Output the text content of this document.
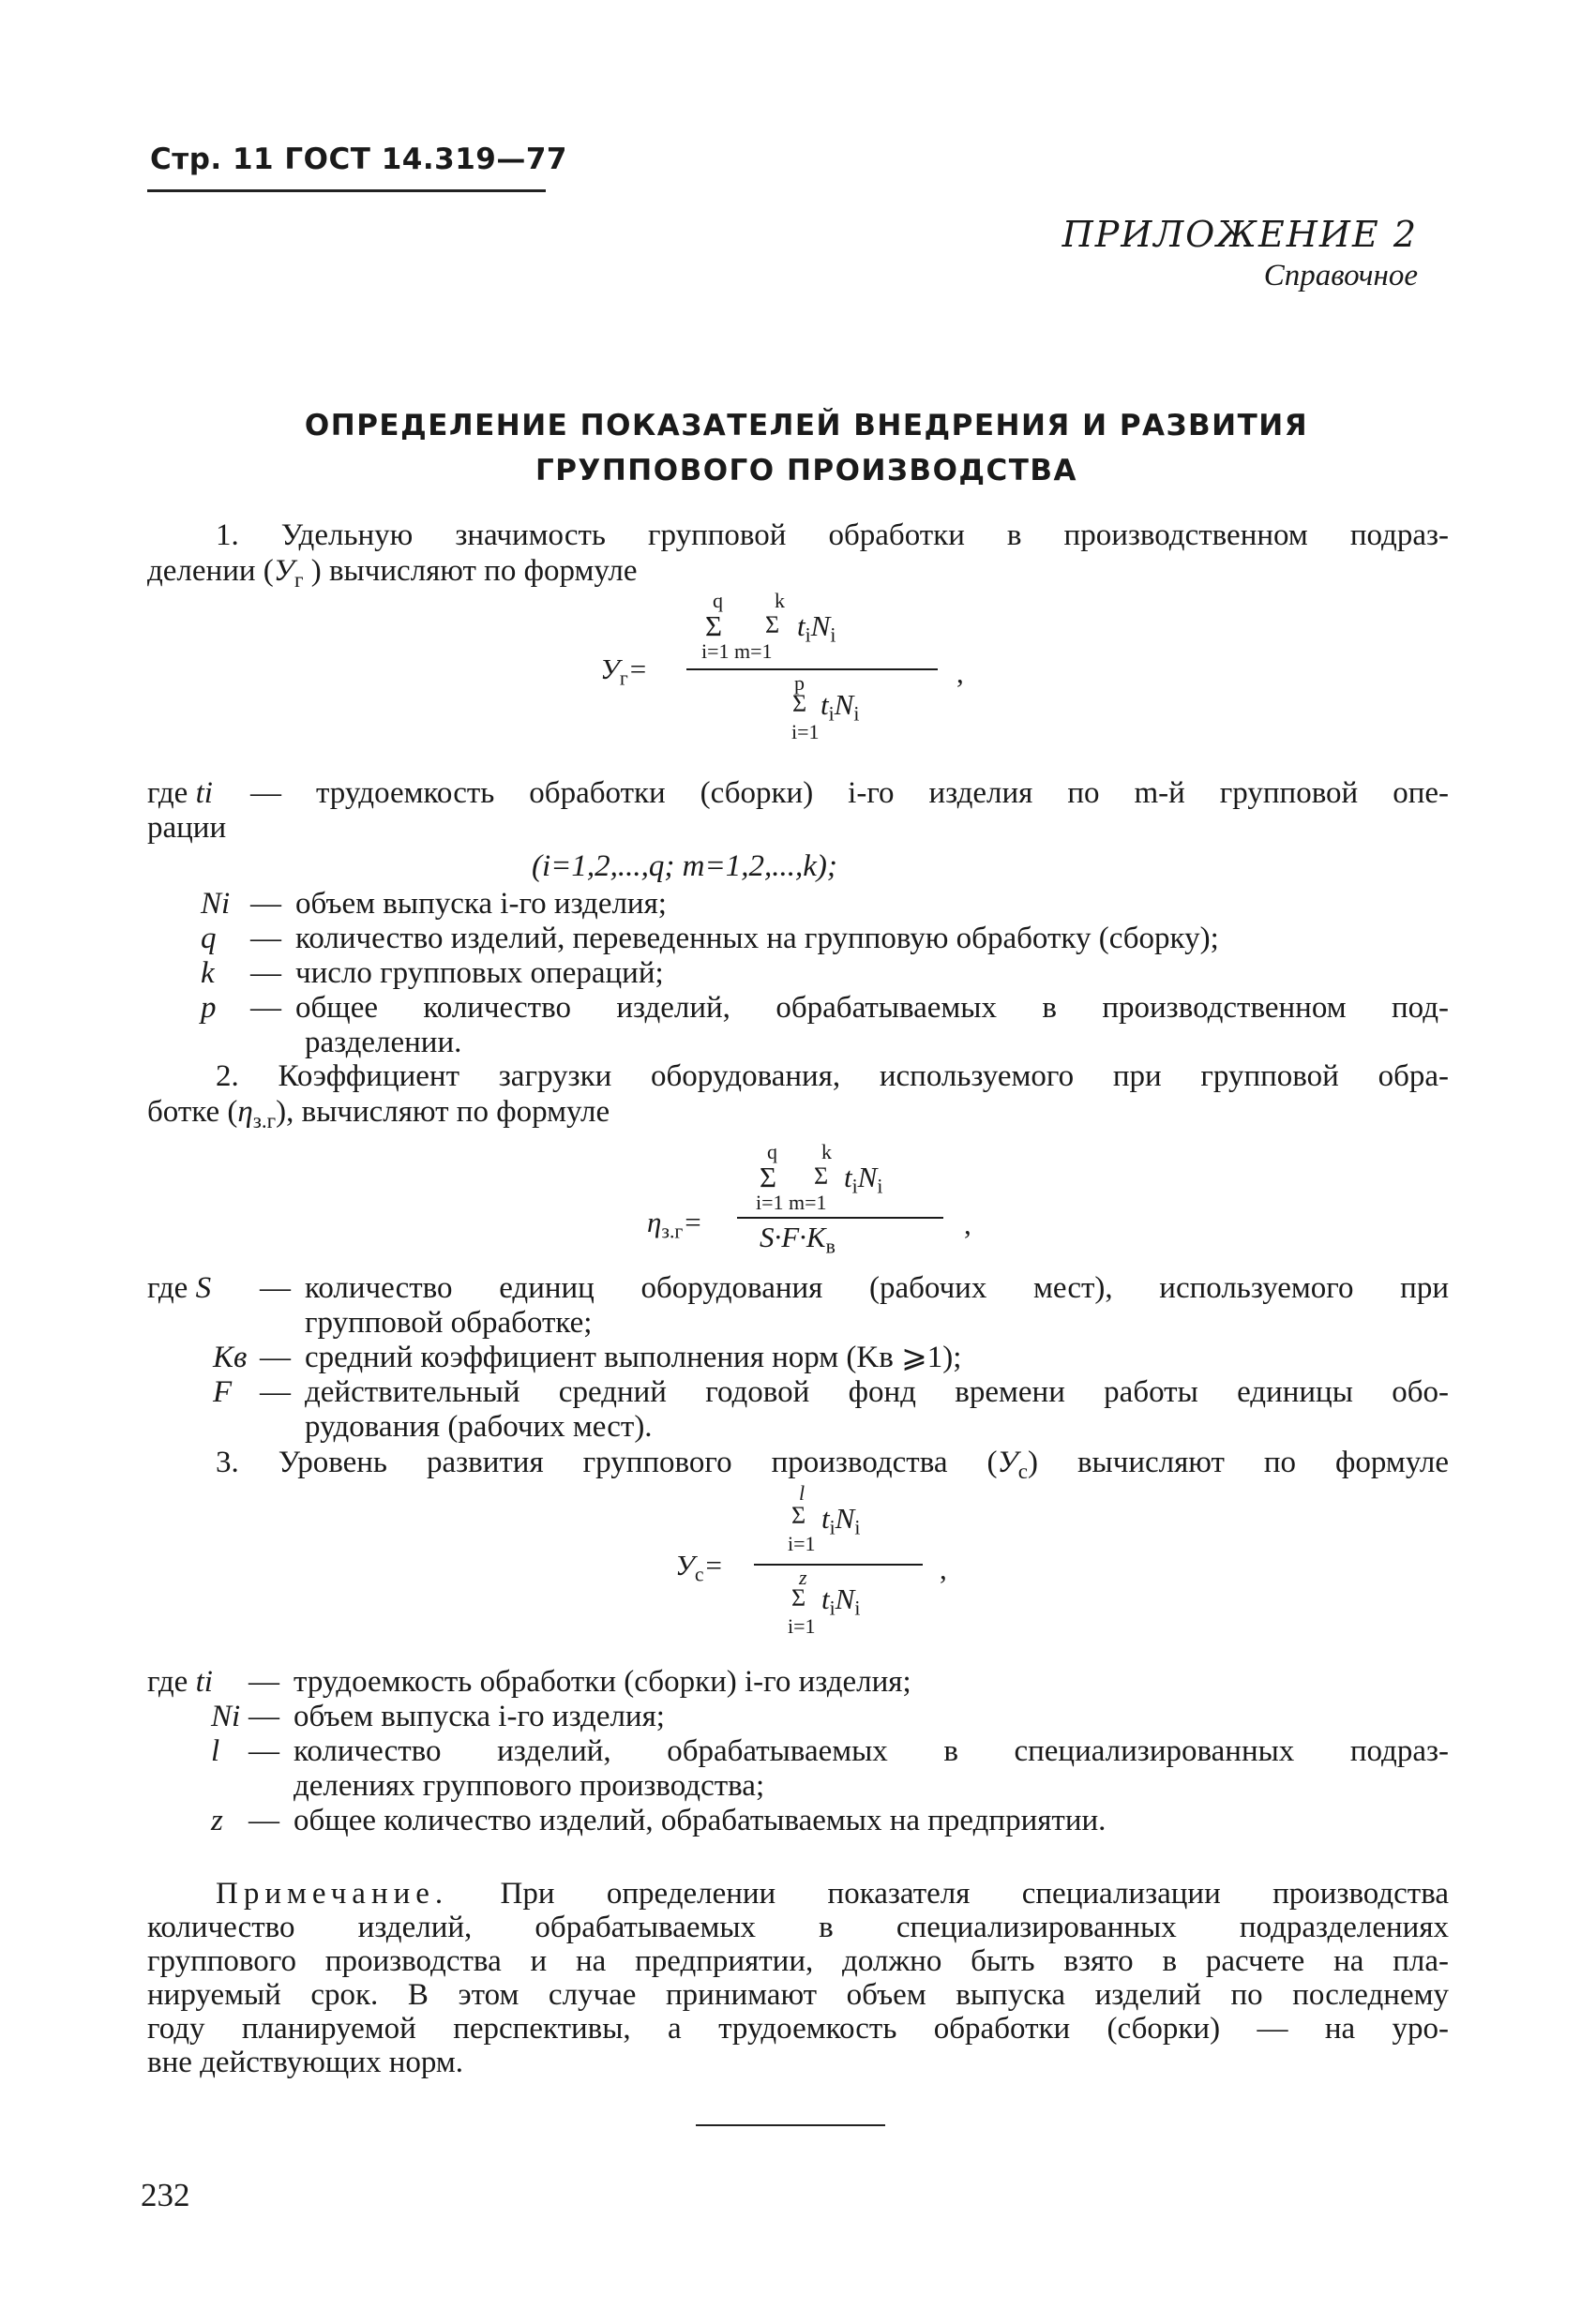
Стр. 11 ГОСТ 14.319—77
ПРИЛОЖЕНИЕ 2
Справочное
ОПРЕДЕЛЕНИЕ ПОКАЗАТЕЛЕЙ ВНЕДРЕНИЯ И РАЗВИТИЯ ГРУППОВОГО ПРОИЗВОДСТВА
1. Удельную значимость групповой обработки в производственном подраз-
делении ($У_г$ ) вычисляют по формуле
q	k
Σ Σ $t_iN_i$
i=1 m=1
$У_г=$	,
p
Σ $t_iN_i$
i=1
где ti	— трудоемкость обработки (сборки) i-го изделия по m-й групповой опе-
рации
(i=1,2,...,q; m=1,2,...,k);
Ni — объем выпуска i-го изделия;
q	— количество изделий, переведенных на групповую обработку (сборку);
k	— число групповых операций;
p	— общее количество изделий, обрабатываемых в производственном под-
разделении.
2. Коэффициент загрузки оборудования, используемого при групповой обра-
ботке $(\eta_{з.г})$, вычисляют по формуле
q k
Σ Σ $t_iN_i$
i=1 m=1
$\eta_{з.г}=$	,
$S\cdot F\cdot K_в$
где S	— количество единиц оборудования (рабочих мест), используемого при
групповой обработке;
Kв — средний коэффициент выполнения норм (Kв ⩾1);
F — действительный средний годовой фонд времени работы единицы обо-
рудования (рабочих мест).
3. Уровень развития группового производства $(У_с)$ вычисляют по формуле
l
Σ $t_iN_i$
i=1
$У_с=$	,
z
Σ $t_iN_i$
i=1
где ti	— трудоемкость обработки (сборки) i-го изделия;
Ni — объем выпуска i-го изделия;
l — количество изделий, обрабатываемых в специализированных подраз-
делениях группового производства;
z — общее количество изделий, обрабатываемых на предприятии.
Примечание. При определении показателя специализации производства
количество изделий, обрабатываемых в специализированных подразделениях
группового производства и на предприятии, должно быть взято в расчете на пла-
нируемый срок. В этом случае принимают объем выпуска изделий по последнему
году планируемой перспективы, а трудоемкость обработки (сборки) — на уро-
вне действующих норм.
232
